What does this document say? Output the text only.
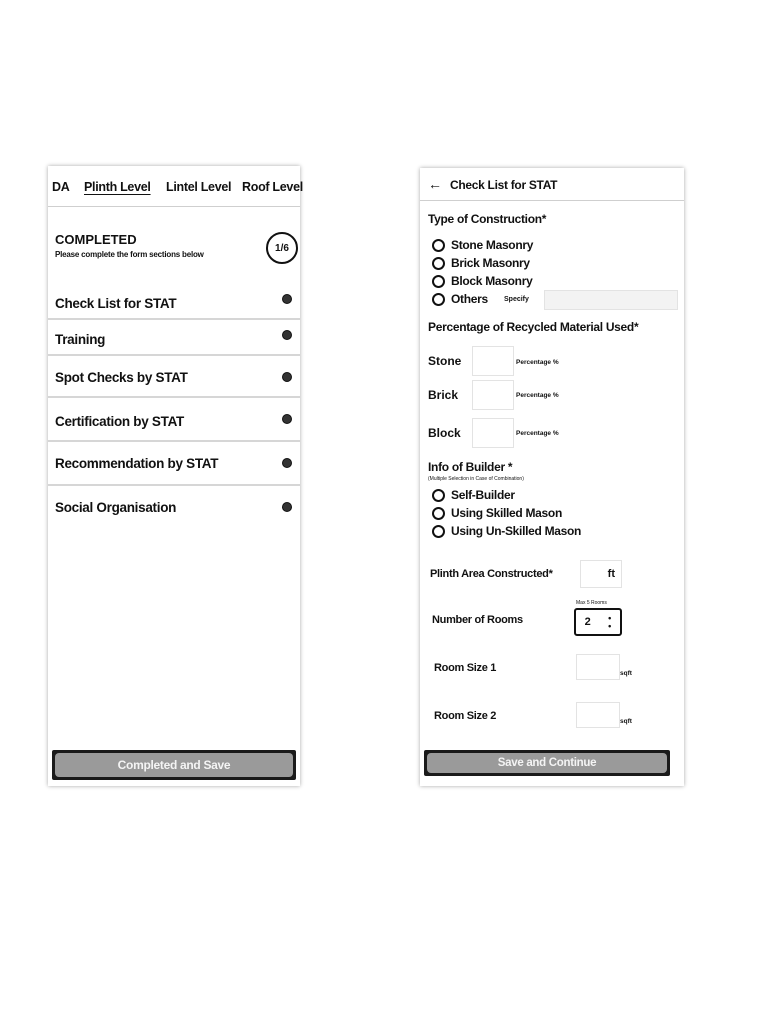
DA Plinth Level Lintel Level Roof Level
COMPLETED
Please complete the form sections below
1/6
Check List for STAT
Training
Spot Checks by STAT
Certification by STAT
Recommendation by STAT
Social Organisation
Completed and Save
← Check List for STAT
Type of Construction*
Stone Masonry
Brick Masonry
Block Masonry
Others Specify
Percentage of Recycled Material Used*
Stone	Percentage %
Brick	Percentage %
Block	Percentage %
Info of Builder *
(Multiple Selection in Case of Combination)
Self-Builder
Using Skilled Mason
Using Un-Skilled Mason
Plinth Area Constructed*	ft
Max 5 Rooms
Number of Rooms	2 •
•
Room Size 1	sqft
Room Size 2	sqft
Save and Continue
